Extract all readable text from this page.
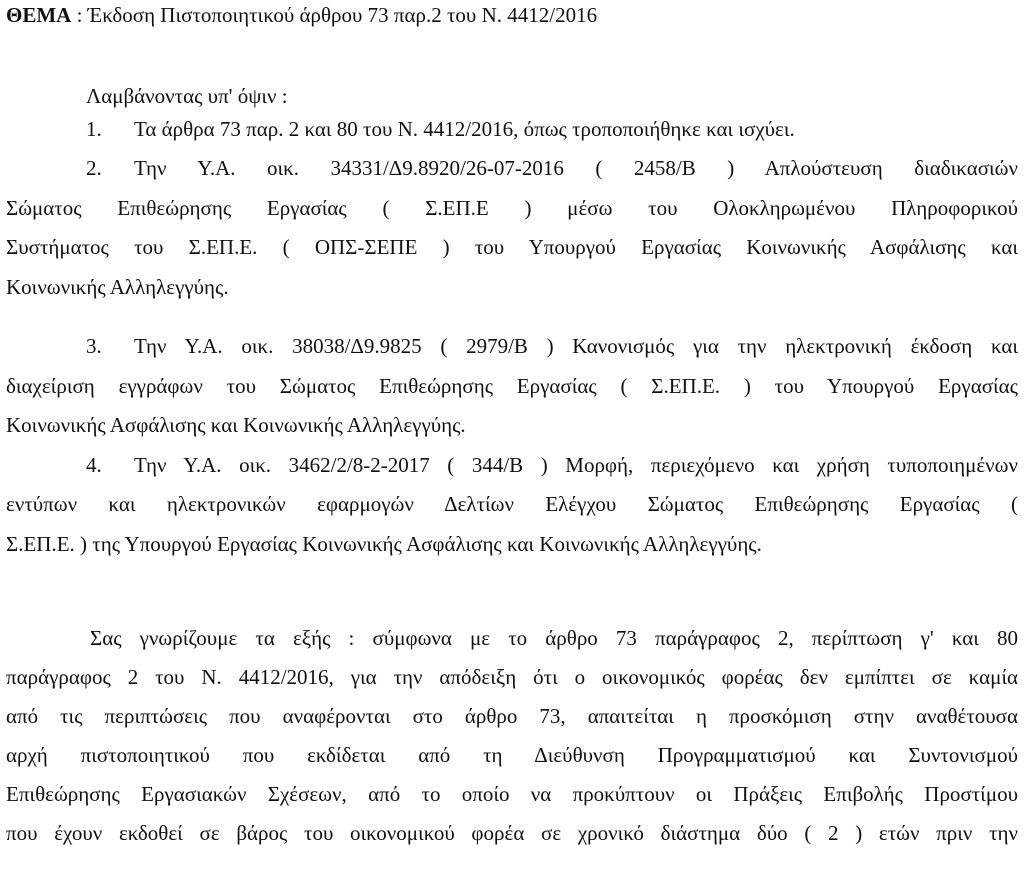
ΘΕΜΑ : Έκδοση Πιστοποιητικού άρθρου 73 παρ.2 του Ν. 4412/2016
Λαμβάνοντας υπ' όψιν :
1. Τα άρθρα 73 παρ. 2 και 80 του Ν. 4412/2016, όπως τροποποιήθηκε και ισχύει.
2. Την Υ.Α. οικ. 34331/Δ9.8920/26-07-2016 ( 2458/Β ) Απλούστευση διαδικασιών
Σώματος Επιθεώρησης Εργασίας ( Σ.ΕΠ.Ε ) μέσω του Ολοκληρωμένου Πληροφορικού
Συστήματος του Σ.ΕΠ.Ε. ( ΟΠΣ-ΣΕΠΕ ) του Υπουργού Εργασίας Κοινωνικής Ασφάλισης και
Κοινωνικής Αλληλεγγύης.
3. Την Υ.Α. οικ. 38038/Δ9.9825 ( 2979/Β ) Κανονισμός για την ηλεκτρονική έκδοση και
διαχείριση εγγράφων του Σώματος Επιθεώρησης Εργασίας ( Σ.ΕΠ.Ε. ) του Υπουργού Εργασίας
Κοινωνικής Ασφάλισης και Κοινωνικής Αλληλεγγύης.
4. Την Υ.Α. οικ. 3462/2/8-2-2017 ( 344/Β ) Μορφή, περιεχόμενο και χρήση τυποποιημένων
εντύπων και ηλεκτρονικών εφαρμογών Δελτίων Ελέγχου Σώματος Επιθεώρησης Εργασίας (
Σ.ΕΠ.Ε. ) της Υπουργού Εργασίας Κοινωνικής Ασφάλισης και Κοινωνικής Αλληλεγγύης.
Σας γνωρίζουμε τα εξής : σύμφωνα με το άρθρο 73 παράγραφος 2, περίπτωση γ' και 80
παράγραφος 2 του Ν. 4412/2016, για την απόδειξη ότι ο οικονομικός φορέας δεν εμπίπτει σε καμία
από τις περιπτώσεις που αναφέρονται στο άρθρο 73, απαιτείται η προσκόμιση στην αναθέτουσα
αρχή πιστοποιητικού που εκδίδεται από τη Διεύθυνση Προγραμματισμού και Συντονισμού
Επιθεώρησης Εργασιακών Σχέσεων, από το οποίο να προκύπτουν οι Πράξεις Επιβολής Προστίμου
που έχουν εκδοθεί σε βάρος του οικονομικού φορέα σε χρονικό διάστημα δύο ( 2 ) ετών πριν την
